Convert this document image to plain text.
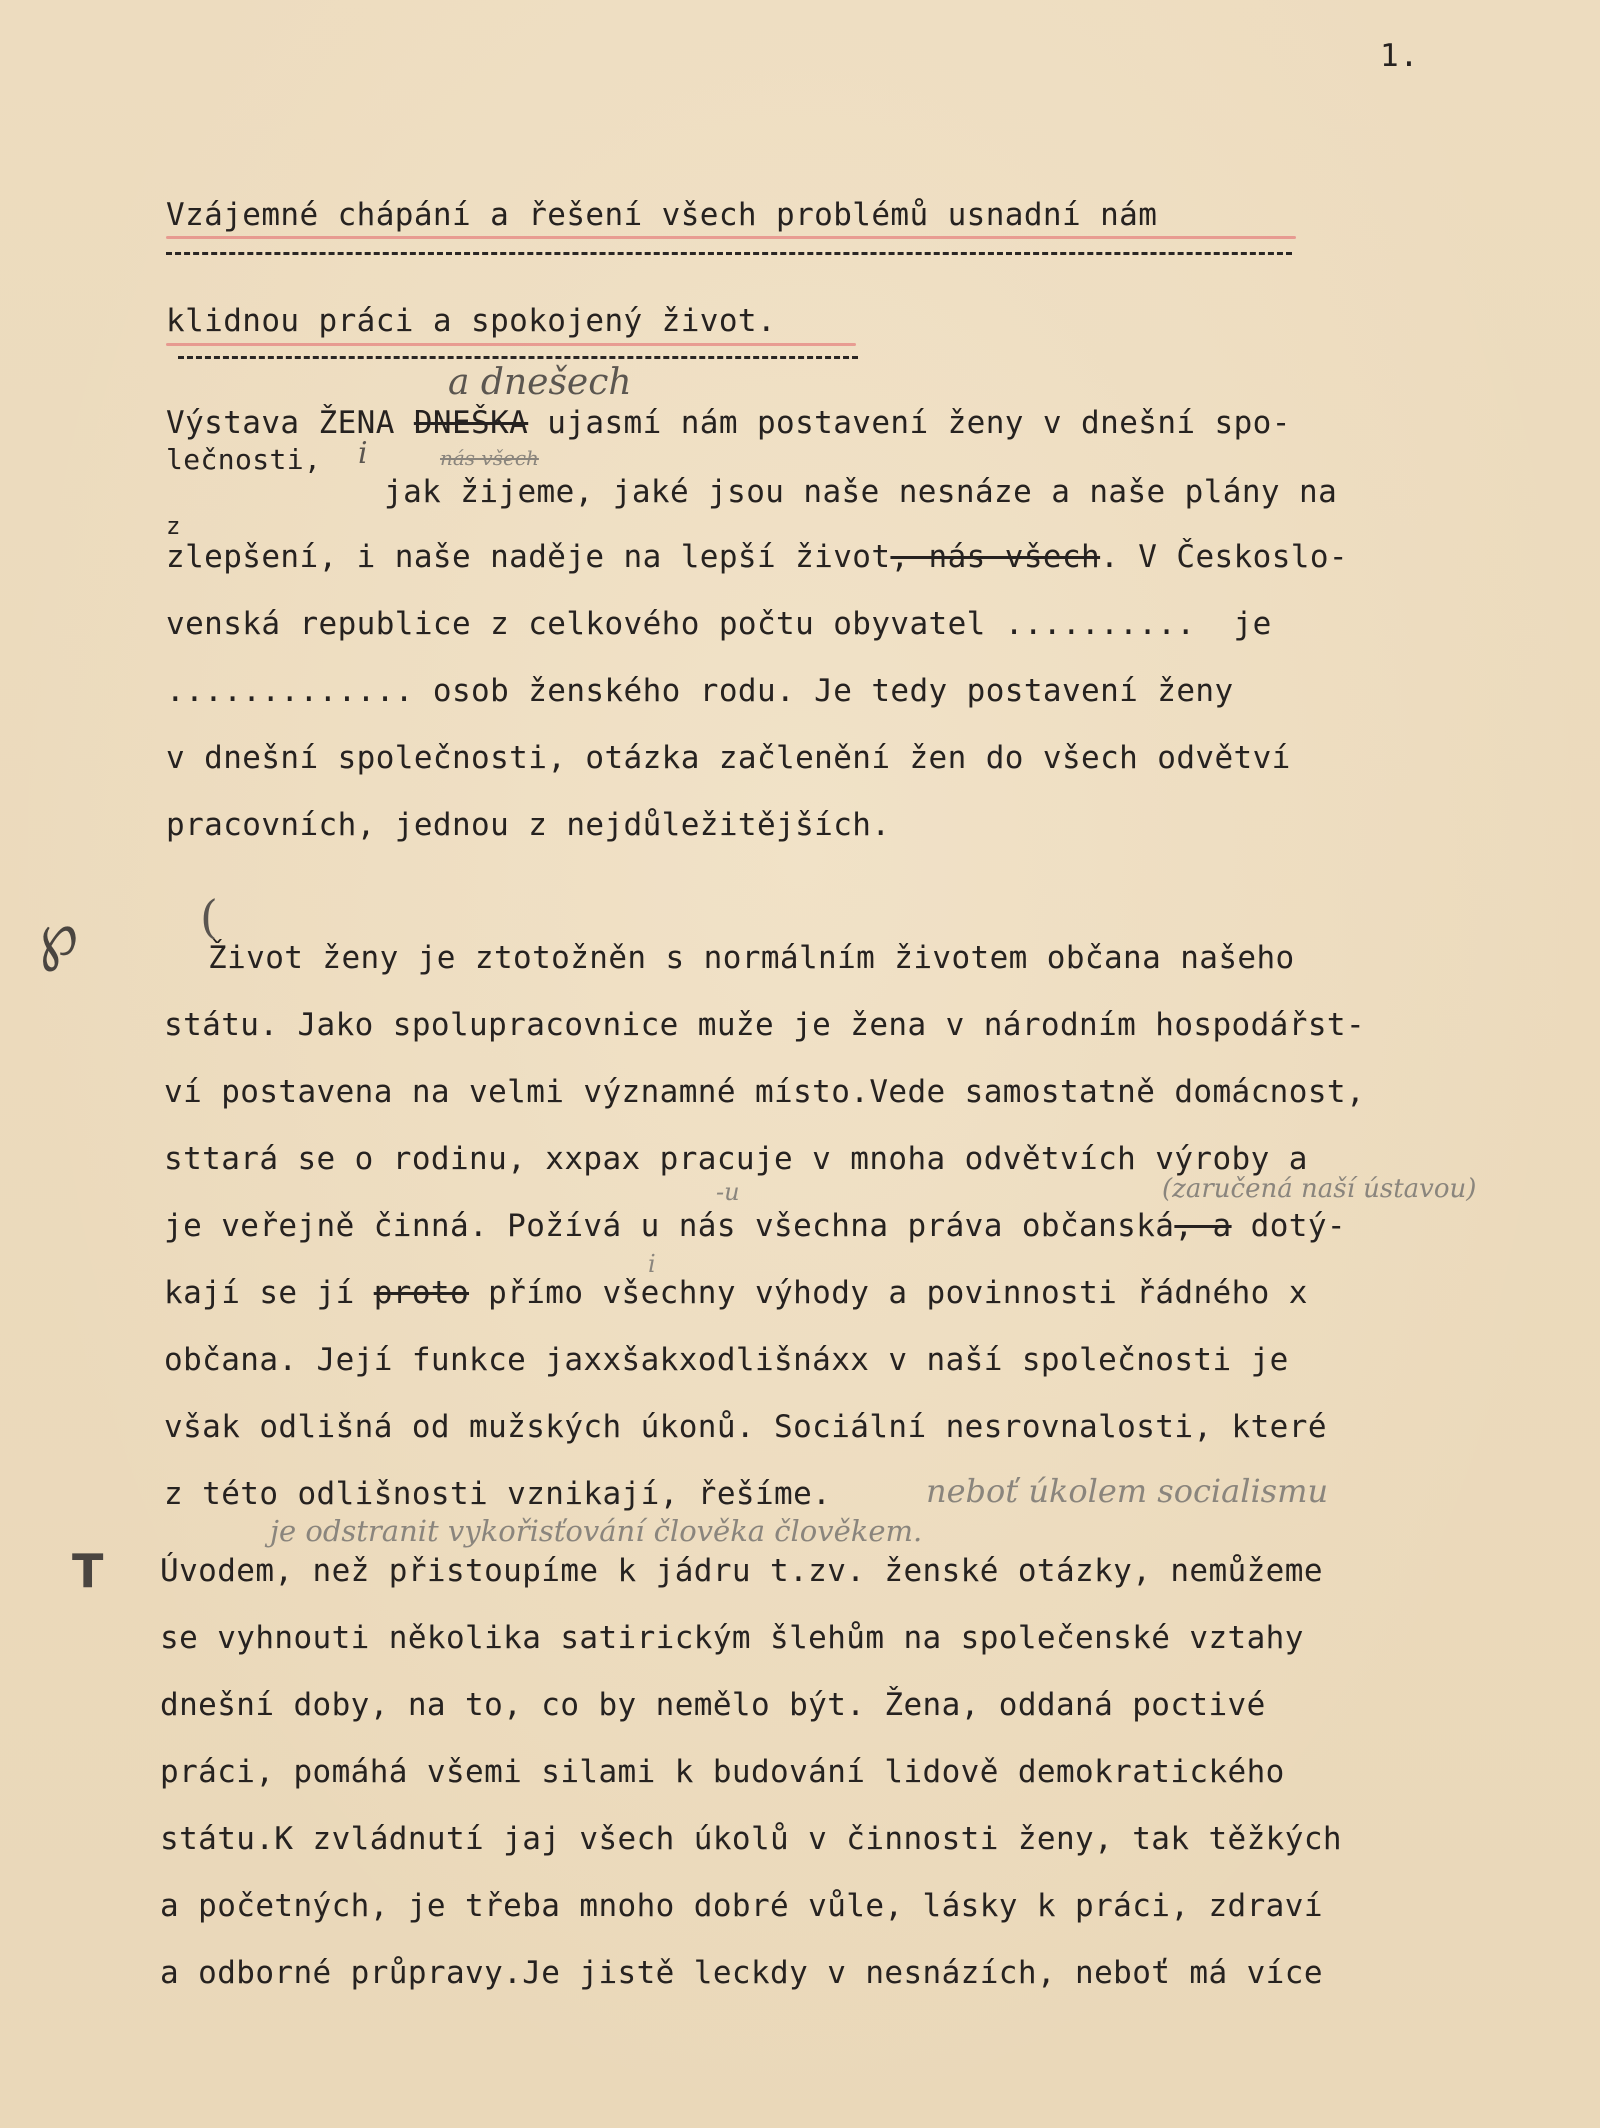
1.
Vzájemné chápání a řešení všech problémů usnadní nám
klidnou práci a spokojený život.
a dnešech
Výstava ŽENA DNEŠKA ujasmí nám postavení ženy v dnešní spo-
lečnosti, i	nás všech
jak žijeme, jaké jsou naše nesnáze a naše plány na
z
zlepšení, i naše naděje na lepší život, nás všech. V Českoslo-
venská republice z celkového počtu obyvatel ..........  je
............. osob ženského rodu. Je tedy postavení ženy
v dnešní společnosti, otázka začlenění žen do všech odvětví
pracovních, jednou z nejdůležitějších.
℘	(
Život ženy je ztotožněn s normálním životem občana našeho
státu. Jako spolupracovnice muže je žena v národním hospodářst-
ví postavena na velmi významné místo.Vede samostatně domácnost,
sttará se o rodinu, xxpax pracuje v mnoha odvětvích výroby a
-u	(zaručená naší ústavou)
je veřejně činná. Požívá u nás všechna práva občanská, a dotý-
i
kají se jí proto přímo všechny výhody a povinnosti řádného x
občana. Její funkce jaxxšakxodlišnáxx v naší společnosti je
však odlišná od mužských úkonů. Sociální nesrovnalosti, které
z této odlišnosti vznikají, řešíme.	neboť úkolem socialismu
je odstranit vykořisťování člověka člověkem.
T Úvodem, než přistoupíme k jádru t.zv. ženské otázky, nemůžeme
se vyhnouti několika satirickým šlehům na společenské vztahy
dnešní doby, na to, co by nemělo být. Žena, oddaná poctivé
práci, pomáhá všemi silami k budování lidově demokratického
státu.K zvládnutí jaj všech úkolů v činnosti ženy, tak těžkých
a početných, je třeba mnoho dobré vůle, lásky k práci, zdraví
a odborné průpravy.Je jistě leckdy v nesnázích, neboť má více
